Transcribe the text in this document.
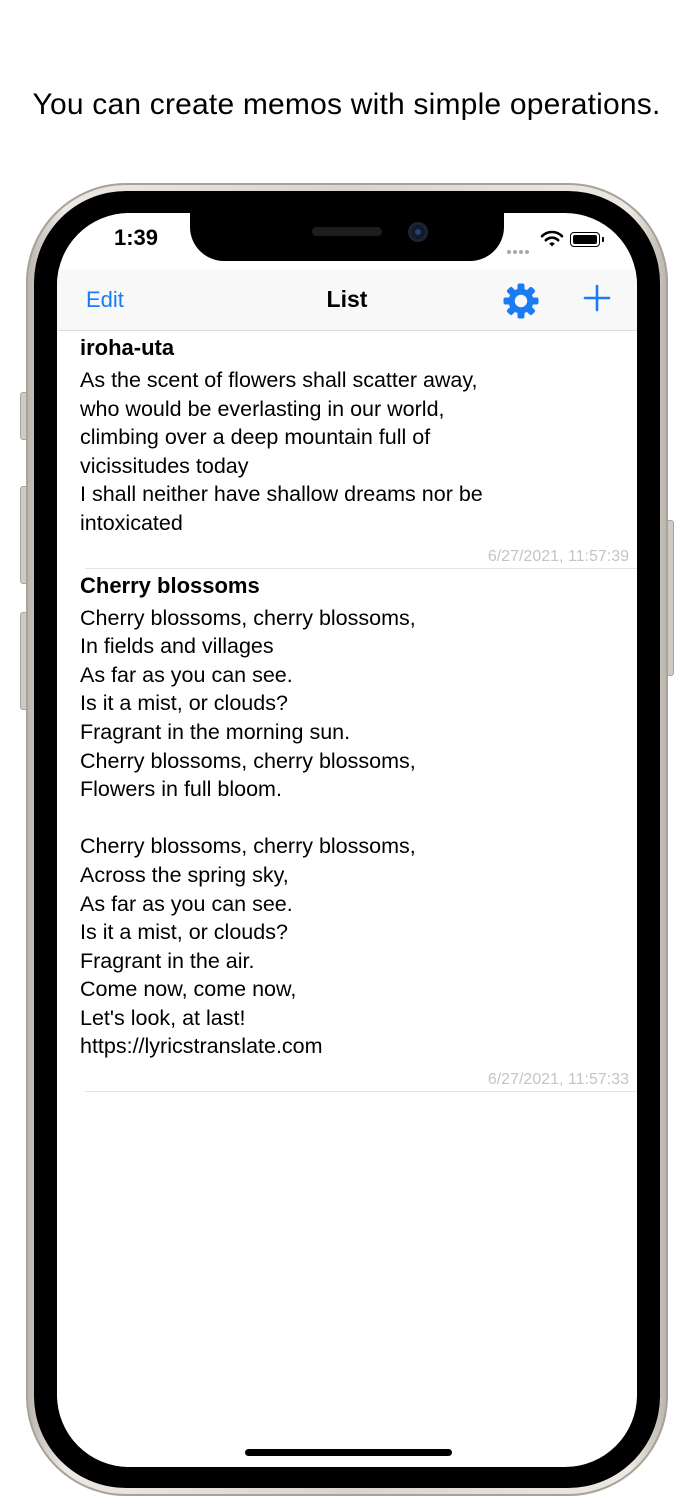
You can create memos with simple operations.
1:39
Edit	List
iroha-uta
As the scent of flowers shall scatter away,
who would be everlasting in our world,
climbing over a deep mountain full of
vicissitudes today
I shall neither have shallow dreams nor be
intoxicated
6/27/2021, 11:57:39
Cherry blossoms
Cherry blossoms, cherry blossoms,
In fields and villages
As far as you can see.
Is it a mist, or clouds?
Fragrant in the morning sun.
Cherry blossoms, cherry blossoms,
Flowers in full bloom.

Cherry blossoms, cherry blossoms,
Across the spring sky,
As far as you can see.
Is it a mist, or clouds?
Fragrant in the air.
Come now, come now,
Let's look, at last!
https://lyricstranslate.com
6/27/2021, 11:57:33
